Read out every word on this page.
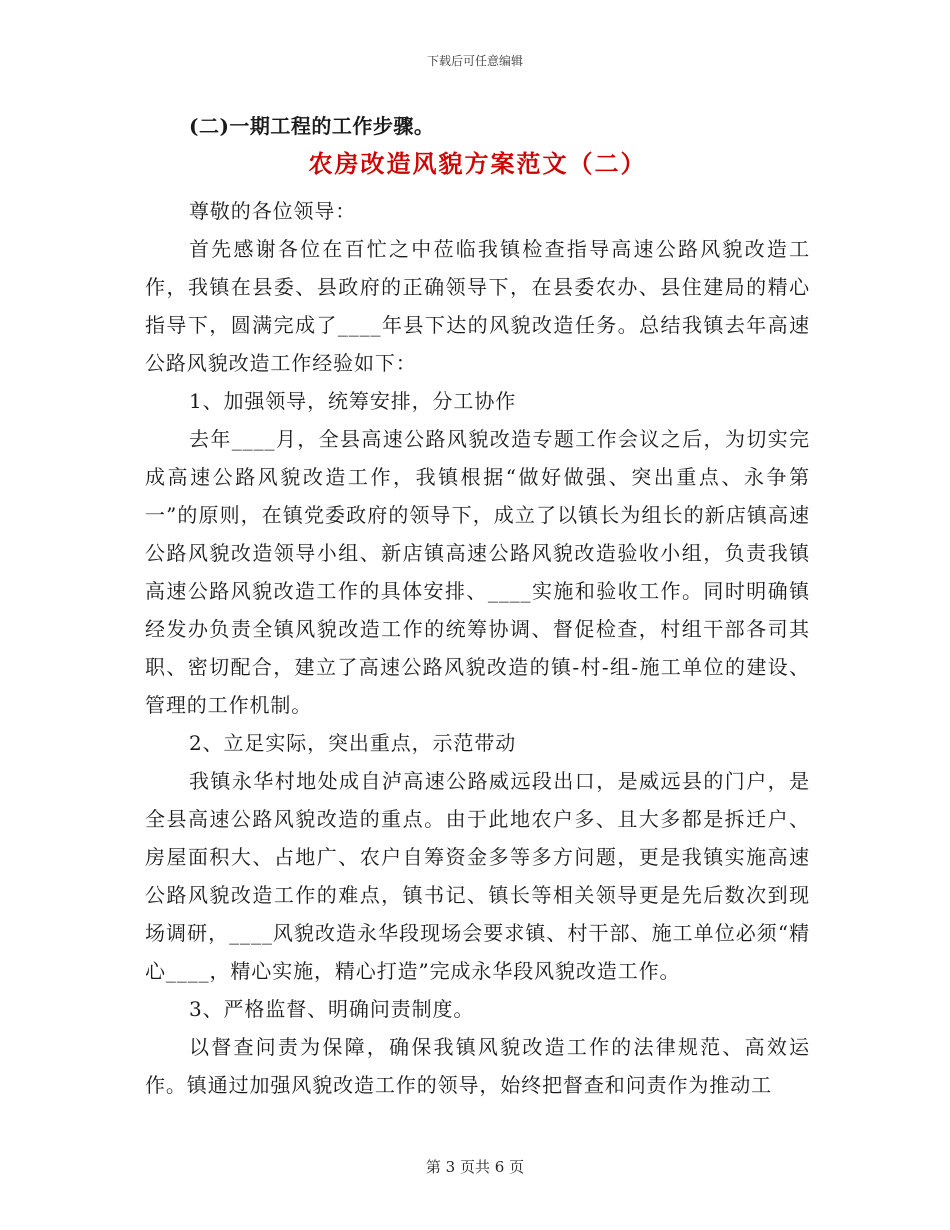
下载后可任意编辑

(二)一期工程的工作步骤。

农房改造风貌方案范文（二）

尊敬的各位领导：

首先感谢各位在百忙之中莅临我镇检查指导高速公路风貌改造工作，我镇在县委、县政府的正确领导下，在县委农办、县住建局的精心指导下，圆满完成了____年县下达的风貌改造任务。总结我镇去年高速公路风貌改造工作经验如下：

1、加强领导，统筹安排，分工协作

去年____月，全县高速公路风貌改造专题工作会议之后，为切实完成高速公路风貌改造工作，我镇根据“做好做强、突出重点、永争第一”的原则，在镇党委政府的领导下，成立了以镇长为组长的新店镇高速公路风貌改造领导小组、新店镇高速公路风貌改造验收小组，负责我镇高速公路风貌改造工作的具体安排、____实施和验收工作。同时明确镇经发办负责全镇风貌改造工作的统筹协调、督促检查，村组干部各司其职、密切配合，建立了高速公路风貌改造的镇-村-组-施工单位的建设、管理的工作机制。

2、立足实际，突出重点，示范带动

我镇永华村地处成自泸高速公路威远段出口，是威远县的门户，是全县高速公路风貌改造的重点。由于此地农户多、且大多都是拆迁户、房屋面积大、占地广、农户自筹资金多等多方问题，更是我镇实施高速公路风貌改造工作的难点，镇书记、镇长等相关领导更是先后数次到现场调研，____风貌改造永华段现场会要求镇、村干部、施工单位必须“精心____，精心实施，精心打造”完成永华段风貌改造工作。

3、严格监督、明确问责制度。

以督查问责为保障，确保我镇风貌改造工作的法律规范、高效运作。镇通过加强风貌改造工作的领导，始终把督查和问责作为推动工

第 3 页共 6 页
